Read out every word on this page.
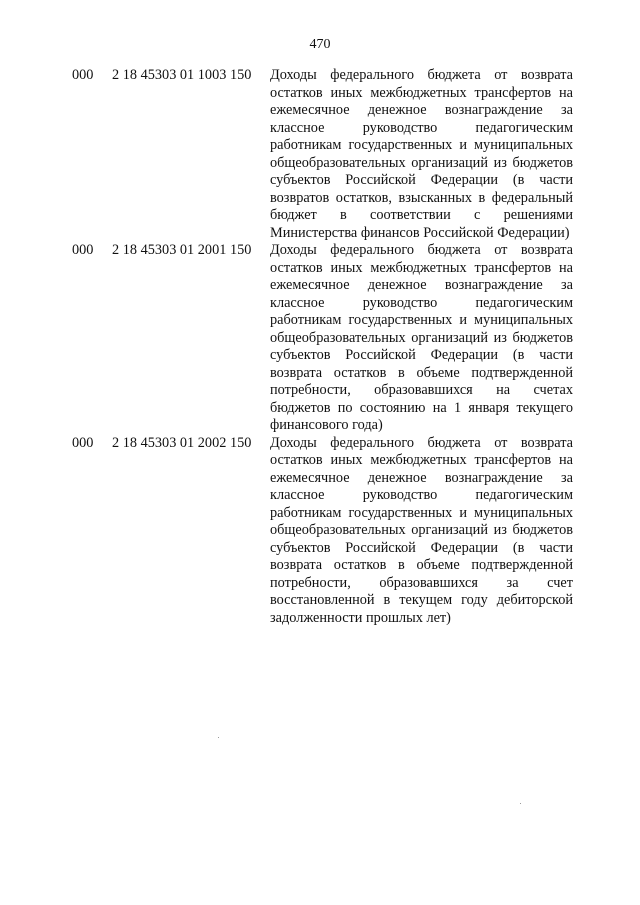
470
000	2 18 45303 01 1003 150	Доходы федерального бюджета от возврата остатков иных межбюджетных трансфертов на ежемесячное денежное вознаграждение за классное руководство педагогическим работникам государственных и муниципальных общеобразовательных организаций из бюджетов субъектов Российской Федерации (в части возвратов остатков, взысканных в федеральный бюджет в соответствии с решениями Министерства финансов Российской Федерации)
000	2 18 45303 01 2001 150	Доходы федерального бюджета от возврата остатков иных межбюджетных трансфертов на ежемесячное денежное вознаграждение за классное руководство педагогическим работникам государственных и муниципальных общеобразовательных организаций из бюджетов субъектов Российской Федерации (в части возврата остатков в объеме подтвержденной потребности, образовавшихся на счетах бюджетов по состоянию на 1 января текущего финансового года)
000	2 18 45303 01 2002 150	Доходы федерального бюджета от возврата остатков иных межбюджетных трансфертов на ежемесячное денежное вознаграждение за классное руководство педагогическим работникам государственных и муниципальных общеобразовательных организаций из бюджетов субъектов Российской Федерации (в части возврата остатков в объеме подтвержденной потребности, образовавшихся за счет восстановленной в текущем году дебиторской задолженности прошлых лет)
